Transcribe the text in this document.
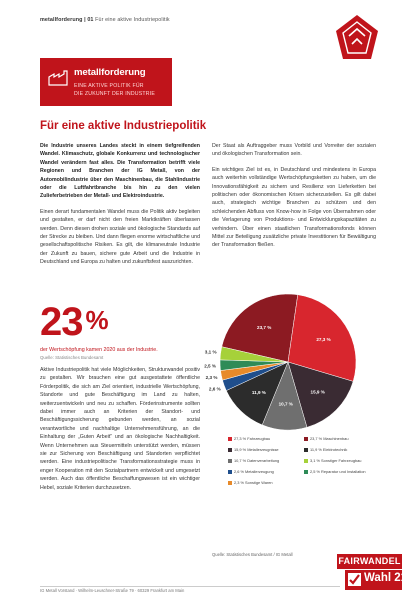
metallforderung | 01 Für eine aktive Industriepolitik
metallforderung
EINE AKTIVE POLITIK FÜR
DIE ZUKUNFT DER INDUSTRIE
Für eine aktive Industriepolitik

Die Industrie unseres Landes steckt in einem tiefgreifenden Wandel. Klimaschutz, globale Konkurrenz und technologischer Wandel verändern fast alles. Die Transformation betrifft viele Regionen und Branchen der IG Metall, von der Automobilindustrie über den Maschinenbau, die Stahlindustrie oder die Luftfahrtbranche bis hin zu den vielen Zulieferbetrieben der Metall- und Elektroindustrie.

Einen derart fundamentalen Wandel muss die Politik aktiv begleiten und gestalten, er darf nicht den freien Marktkräften überlassen werden. Denn diesen drohen soziale und ökologische Standards auf der Strecke zu bleiben. Und dann fliegen enorme wirtschaftliche und gesellschaftspolitische Risiken. Es gilt, die klimaneutrale Industrie der Zukunft zu bauen, sichere gute Arbeit und die Industrie in Deutschland und Europa zu halten und zukunftsfest auszurichten.

23 %
der Wertschöpfung kamen 2020 aus der Industrie.
Quelle: Statistisches Bundesamt

Aktive Industriepolitik hat viele Möglichkeiten, Strukturwandel positiv zu gestalten. Wir brauchen eine gut ausgestattete öffentliche Förderpolitik, die sich am Ziel orientiert, industrielle Wertschöpfung, Standorte und gute Beschäftigung im Land zu halten, weiterzuentwickeln und neu zu schaffen. Förderinstrumente sollten dabei immer auch an Kriterien der Standort- und Beschäftigungssicherung gebunden werden, an sozial verantwortliche und nachhaltige Unternehmensführung, an die Einhaltung der „Guten Arbeit“ und an ökologische Nachhaltigkeit. Wenn Unternehmen aus Steuermitteln unterstützt werden, müssen sie zur Sicherung von Beschäftigung und Standorten verpflichtet werden. Eine industriepolitische Transformationsstrategie muss in enger Kooperation mit den Sozialpartnern entwickelt und umgesetzt werden. Auch das öffentliche Beschaffungswesen ist ein wichtiger Hebel, soziale Kriterien durchzusetzen.

Der Staat als Auftraggeber muss Vorbild und Vorreiter der sozialen und ökologischen Transformation sein.

Ein wichtiges Ziel ist es, in Deutschland und mindestens in Europa auch weiterhin vollständige Wertschöpfungsketten zu haben, um die Innovationsfähigkeit zu sichern und Resilienz von Lieferketten bei politischen oder ökonomischen Krisen sicherzustellen. Es gilt dabei auch, strategisch wichtige Branchen zu schützen und den schleichenden Abfluss von Know-how in Folge von Übernahmen oder die Verlagerung von Produktions- und Entwicklungskapazitäten zu verhindern. Über einen staatlichen Transformationsfonds können Mittel zur Beteiligung zusätzliche private Investitionen für Bewältigung der Transformation fließen.

23,7 %
27,3 %
15,9 %
10,7 %
11,9 %
2,6 %
2,3 %
2,5 %
3,1 %
27,3 % Fahrzeugbau	23,7 % Maschinenbau
15,9 % Metallerzeugnisse	11,9 % Elektrotechnik
10,7 % Datenverarbeitung	3,1 % Sonstiger Fahrzeugbau
2,6 % Metallerzeugung	2,5 % Reparatur und Installation
2,3 % Sonstige Waren
Quelle: Statistisches Bundesamt / IG Metall
IG Metall Vorstand · Wilhelm-Leuschner-Straße 79 · 60329 Frankfurt am Main
FAIRWANDEL
Wahl 21
